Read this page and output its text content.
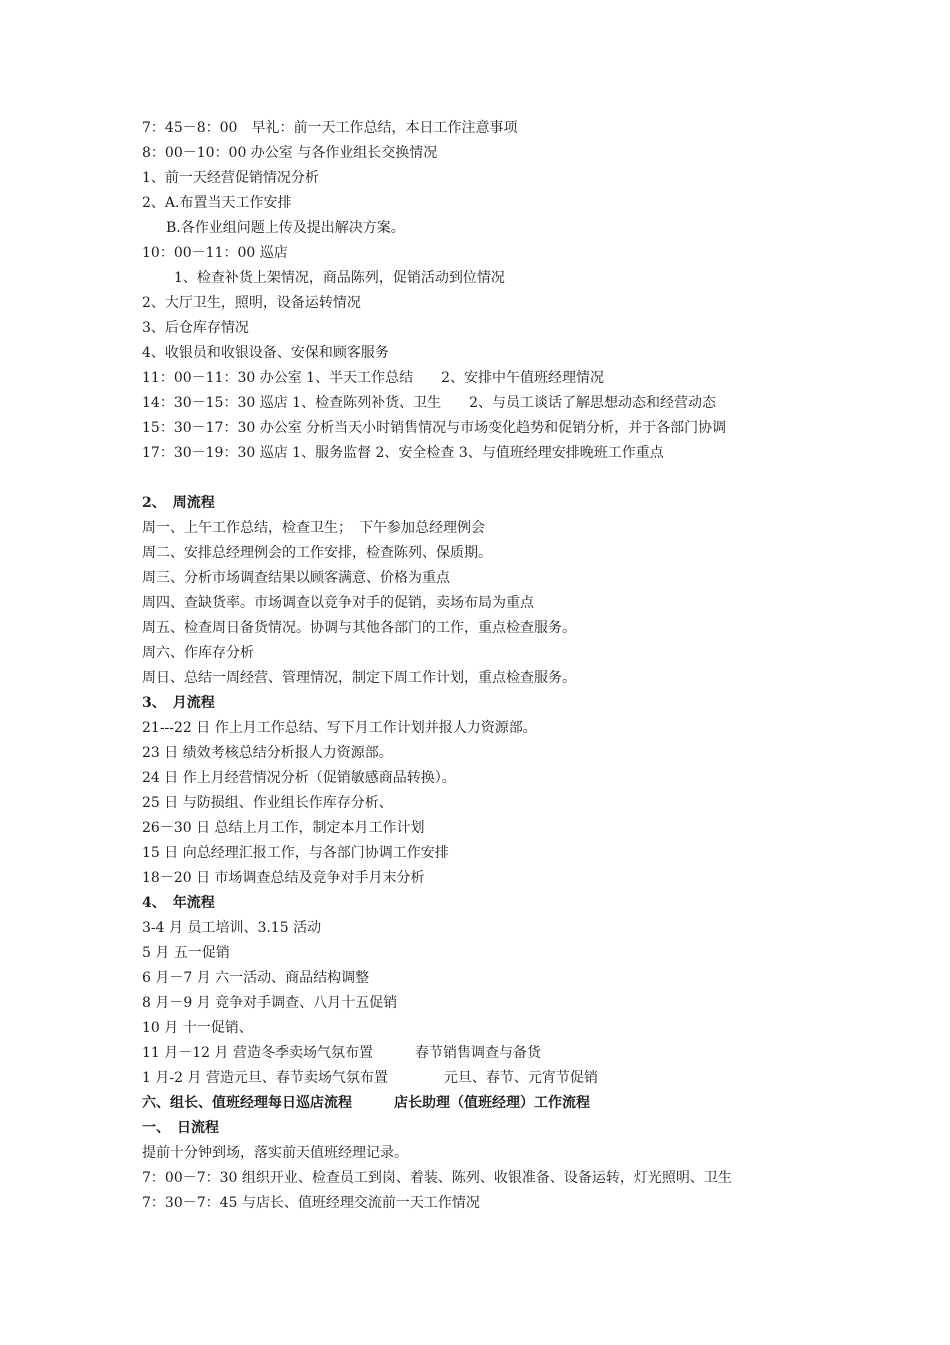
7：45－8：00　早礼：前一天工作总结，本日工作注意事项
8：00－10：00 办公室 与各作业组长交换情况
1、前一天经营促销情况分析
2、A.布置当天工作安排
B.各作业组问题上传及提出解决方案。
10：00－11：00 巡店
1、检查补货上架情况，商品陈列，促销活动到位情况
2、大厅卫生，照明，设备运转情况
3、后仓库存情况
4、收银员和收银设备、安保和顾客服务
11：00－11：30 办公室 1、半天工作总结　　2、安排中午值班经理情况
14：30－15：30 巡店 1、检查陈列补货、卫生　　2、与员工谈话了解思想动态和经营动态
15：30－17：30 办公室 分析当天小时销售情况与市场变化趋势和促销分析，并于各部门协调
17：30－19：30 巡店 1、服务监督 2、安全检查 3、与值班经理安排晚班工作重点
2、　周流程
周一、上午工作总结，检查卫生；　下午参加总经理例会
周二、安排总经理例会的工作安排，检查陈列、保质期。
周三、分析市场调查结果以顾客满意、价格为重点
周四、查缺货率。市场调查以竞争对手的促销，卖场布局为重点
周五、检查周日备货情况。协调与其他各部门的工作，重点检查服务。
周六、作库存分析
周日、总结一周经营、管理情况，制定下周工作计划，重点检查服务。
3、　月流程
21---22 日 作上月工作总结、写下月工作计划并报人力资源部。
23 日 绩效考核总结分析报人力资源部。
24 日 作上月经营情况分析（促销敏感商品转换）。
25 日 与防损组、作业组长作库存分析、
26－30 日 总结上月工作，制定本月工作计划
15 日 向总经理汇报工作，与各部门协调工作安排
18－20 日 市场调查总结及竞争对手月末分析
4、　年流程
3-4 月 员工培训、3.15 活动
5 月 五一促销
6 月－7 月 六一活动、商品结构调整
8 月－9 月 竞争对手调查、八月十五促销
10 月 十一促销、
11 月－12 月 营造冬季卖场气氛布置　　　春节销售调查与备货
1 月-2 月 营造元旦、春节卖场气氛布置　　　　元旦、春节、元宵节促销
六、组长、值班经理每日巡店流程　　　店长助理（值班经理）工作流程
一、　日流程
提前十分钟到场，落实前天值班经理记录。
7：00－7：30 组织开业、检查员工到岗、着装、陈列、收银准备、设备运转，灯光照明、卫生
7：30－7：45 与店长、值班经理交流前一天工作情况
